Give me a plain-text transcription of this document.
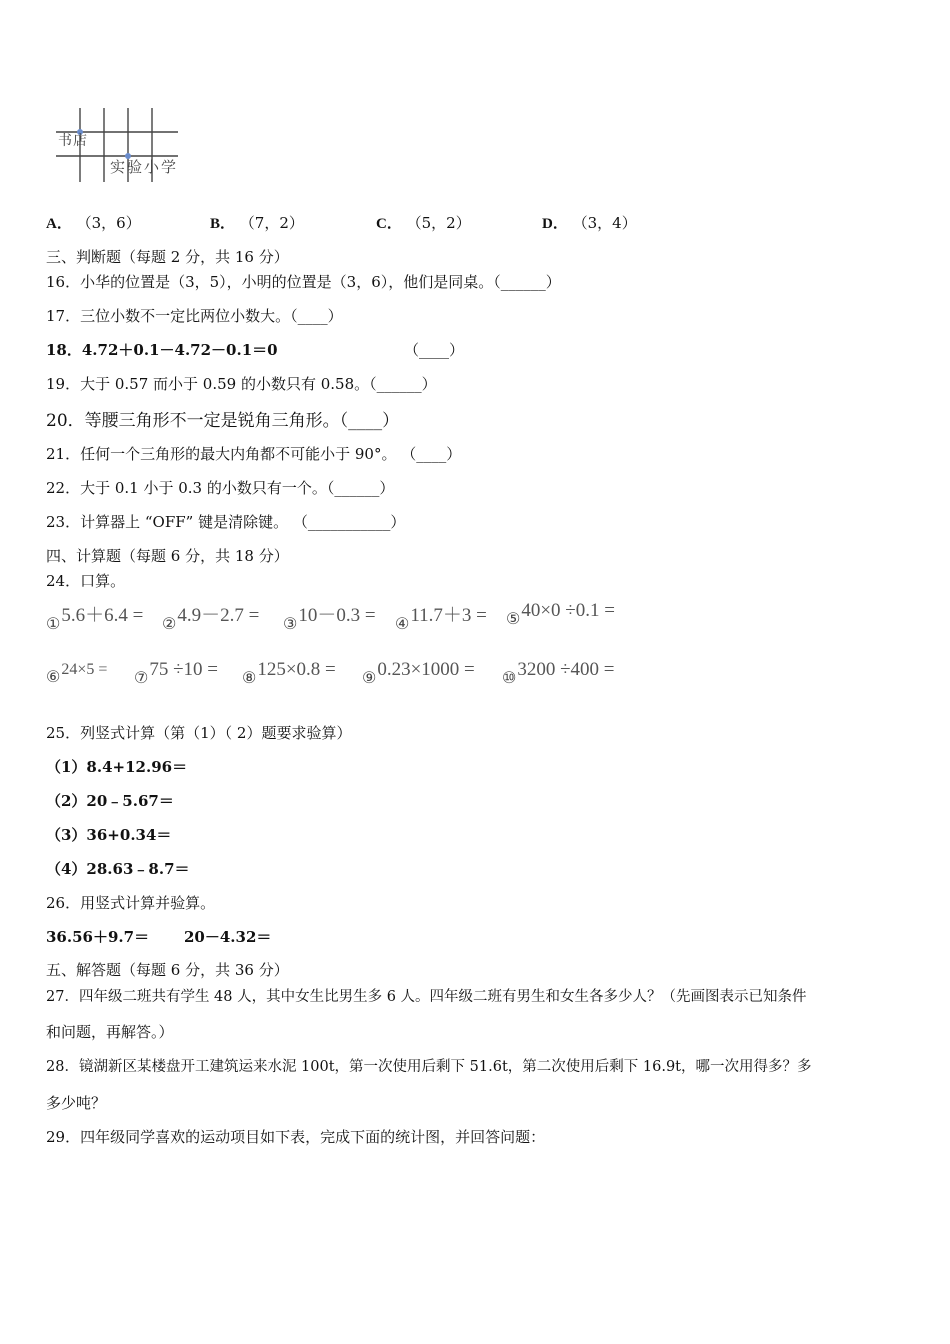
书店
实验小学
A． （3，6）	B． （7，2）	C． （5，2）	D． （3，4）
三、判断题（每题 2 分，共 16 分）
16．小华的位置是（3，5），小明的位置是（3，6），他们是同桌。（______）
17．三位小数不一定比两位小数大。（____）
18．4.72＋0.1－4.72－0.1＝0	（____）
19．大于 0.57 而小于 0.59 的小数只有 0.58。（______）
20．等腰三角形不一定是锐角三角形。（____）
21．任何一个三角形的最大内角都不可能小于 90°。 （____）
22．大于 0.1 小于 0.3 的小数只有一个。（______）
23．计算器上 “OFF” 键是清除键。 （___________）
四、计算题（每题 6 分，共 18 分）
24．口算。
①5.6＋6.4 = ②4.9－2.7 = ③10－0.3 = ④11.7＋3 = ⑤40×0 ÷0.1 =
⑥24×5 = ⑦75 ÷10 = ⑧125×0.8 = ⑨0.23×1000 = ⑩3200 ÷400 =
25．列竖式计算（第（1）（ 2）题要求验算）
（1）8.4+12.96＝
（2）20﹣5.67＝
（3）36+0.34＝
（4）28.63﹣8.7＝
26．用竖式计算并验算。
36.56＋9.7＝ 20－4.32＝
五、解答题（每题 6 分，共 36 分）
27．四年级二班共有学生 48 人，其中女生比男生多 6 人。四年级二班有男生和女生各多少人？（先画图表示已知条件
和问题，再解答。）
28．镜湖新区某楼盘开工建筑运来水泥 100t，第一次使用后剩下 51.6t，第二次使用后剩下 16.9t，哪一次用得多？多
多少吨？
29．四年级同学喜欢的运动项目如下表，完成下面的统计图，并回答问题：
